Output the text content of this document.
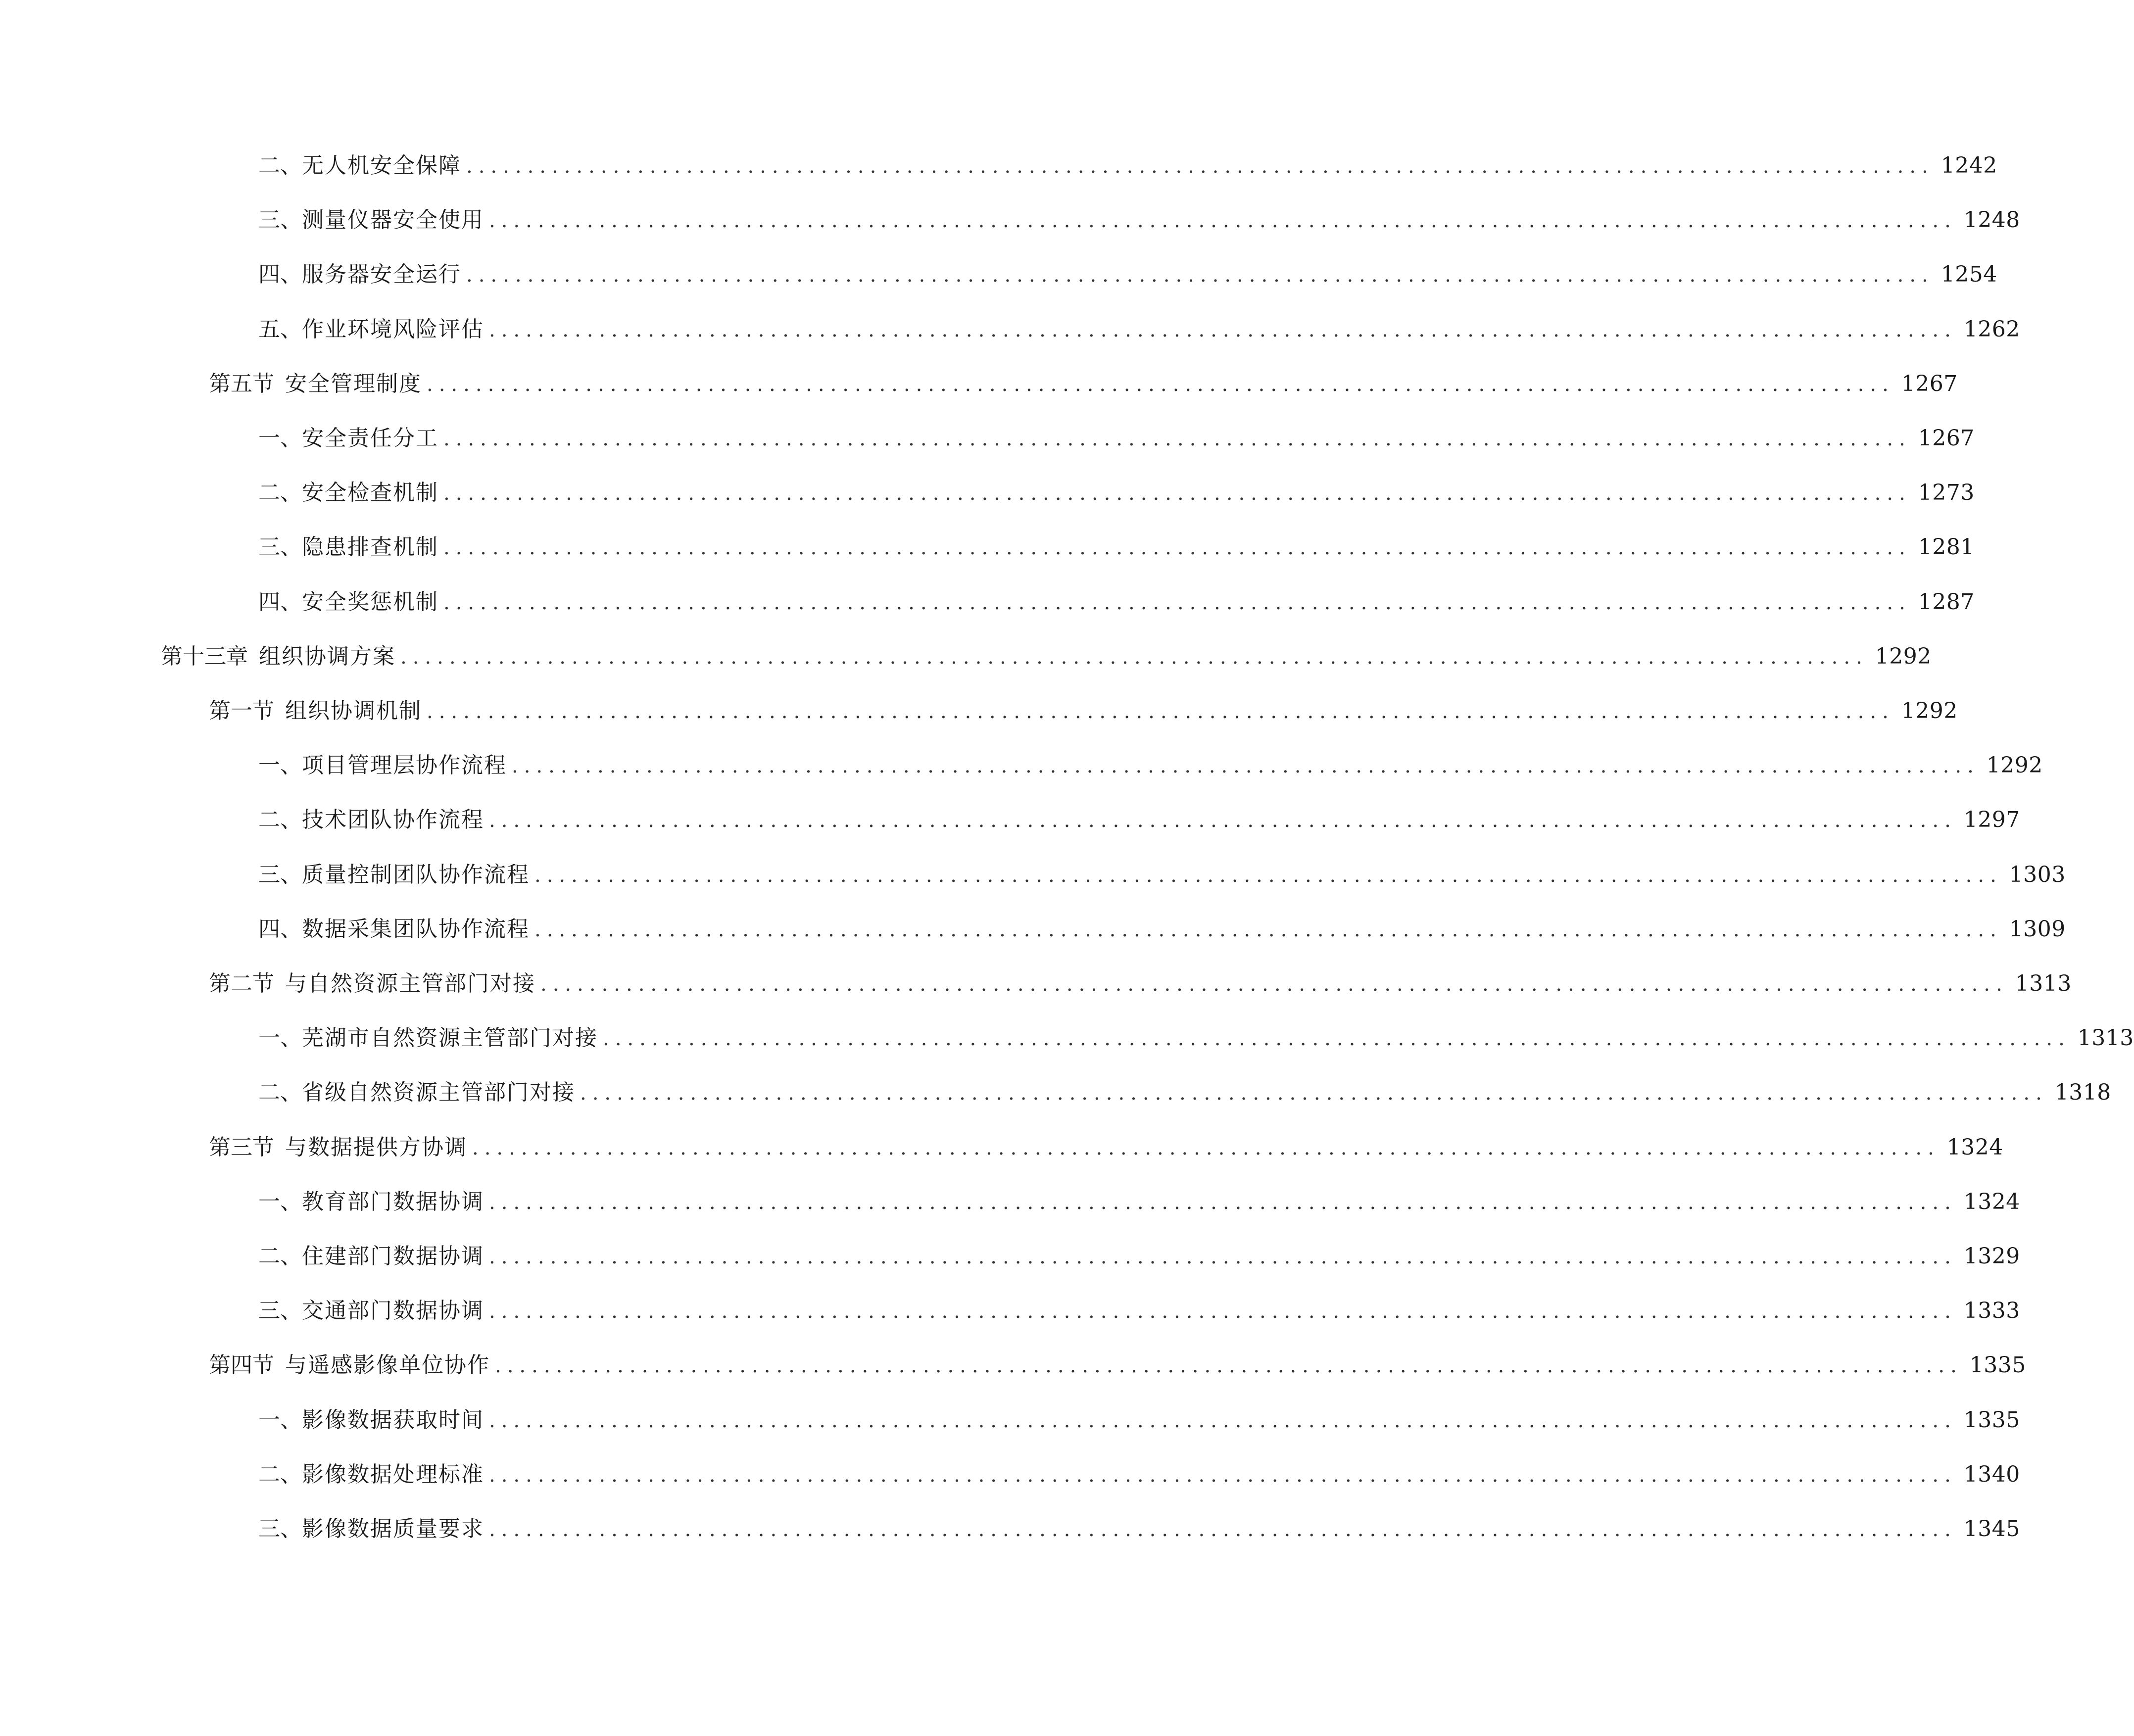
二、 无人机安全保障 ........................................................................................................................ 1242
三、 测量仪器安全使用 ........................................................................................................................ 1248
四、 服务器安全运行 ........................................................................................................................ 1254
五、 作业环境风险评估 ........................................................................................................................ 1262
第五节 安全管理制度 ........................................................................................................................ 1267
一、 安全责任分工 ........................................................................................................................ 1267
二、 安全检查机制 ........................................................................................................................ 1273
三、 隐患排查机制 ........................................................................................................................ 1281
四、 安全奖惩机制 ........................................................................................................................ 1287
第十三章 组织协调方案 ........................................................................................................................ 1292
第一节 组织协调机制 ........................................................................................................................ 1292
一、 项目管理层协作流程 ........................................................................................................................ 1292
二、 技术团队协作流程 ........................................................................................................................ 1297
三、 质量控制团队协作流程 ........................................................................................................................ 1303
四、 数据采集团队协作流程 ........................................................................................................................ 1309
第二节 与自然资源主管部门对接 ........................................................................................................................ 1313
一、 芜湖市自然资源主管部门对接 ........................................................................................................................ 1313
二、 省级自然资源主管部门对接 ........................................................................................................................ 1318
第三节 与数据提供方协调 ........................................................................................................................ 1324
一、 教育部门数据协调 ........................................................................................................................ 1324
二、 住建部门数据协调 ........................................................................................................................ 1329
三、 交通部门数据协调 ........................................................................................................................ 1333
第四节 与遥感影像单位协作 ........................................................................................................................ 1335
一、 影像数据获取时间 ........................................................................................................................ 1335
二、 影像数据处理标准 ........................................................................................................................ 1340
三、 影像数据质量要求 ........................................................................................................................ 1345
